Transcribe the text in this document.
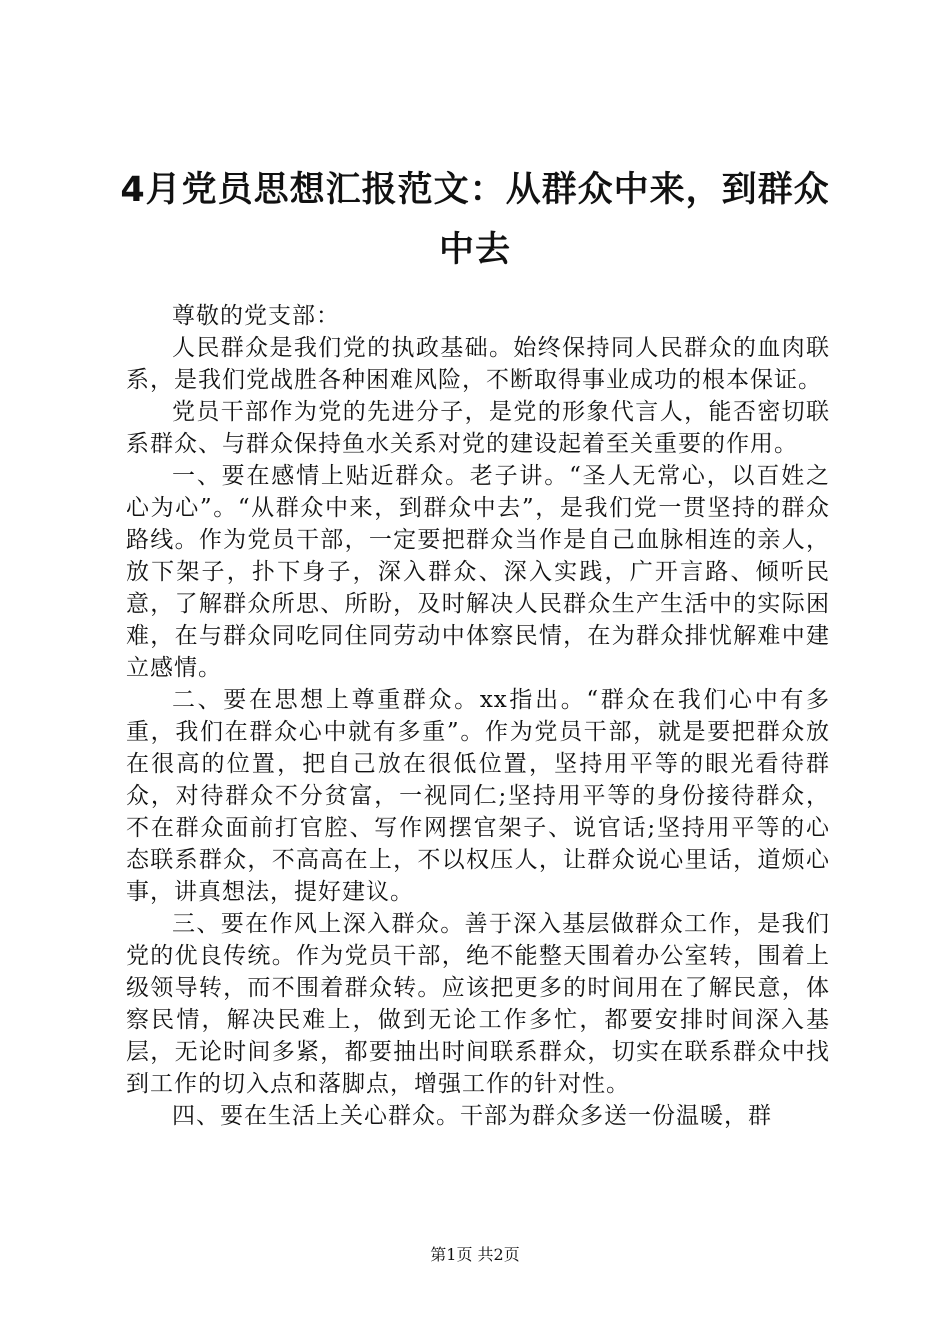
4月党员思想汇报范文：从群众中来，到群众中去

尊敬的党支部：

人民群众是我们党的执政基础。始终保持同人民群众的血肉联系，是我们党战胜各种困难风险，不断取得事业成功的根本保证。

党员干部作为党的先进分子，是党的形象代言人，能否密切联系群众、与群众保持鱼水关系对党的建设起着至关重要的作用。

一、要在感情上贴近群众。老子讲。“圣人无常心，以百姓之心为心”。“从群众中来，到群众中去”，是我们党一贯坚持的群众路线。作为党员干部，一定要把群众当作是自己血脉相连的亲人，放下架子，扑下身子，深入群众、深入实践，广开言路、倾听民意，了解群众所思、所盼，及时解决人民群众生产生活中的实际困难，在与群众同吃同住同劳动中体察民情，在为群众排忧解难中建立感情。

二、要在思想上尊重群众。xx指出。“群众在我们心中有多重，我们在群众心中就有多重”。作为党员干部，就是要把群众放在很高的位置，把自己放在很低位置，坚持用平等的眼光看待群众，对待群众不分贫富，一视同仁;坚持用平等的身份接待群众，不在群众面前打官腔、写作网摆官架子、说官话;坚持用平等的心态联系群众，不高高在上，不以权压人，让群众说心里话，道烦心事，讲真想法，提好建议。

三、要在作风上深入群众。善于深入基层做群众工作，是我们党的优良传统。作为党员干部，绝不能整天围着办公室转，围着上级领导转，而不围着群众转。应该把更多的时间用在了解民意，体察民情，解决民难上，做到无论工作多忙，都要安排时间深入基层，无论时间多紧，都要抽出时间联系群众，切实在联系群众中找到工作的切入点和落脚点，增强工作的针对性。

四、要在生活上关心群众。干部为群众多送一份温暖，群

第1页 共2页
